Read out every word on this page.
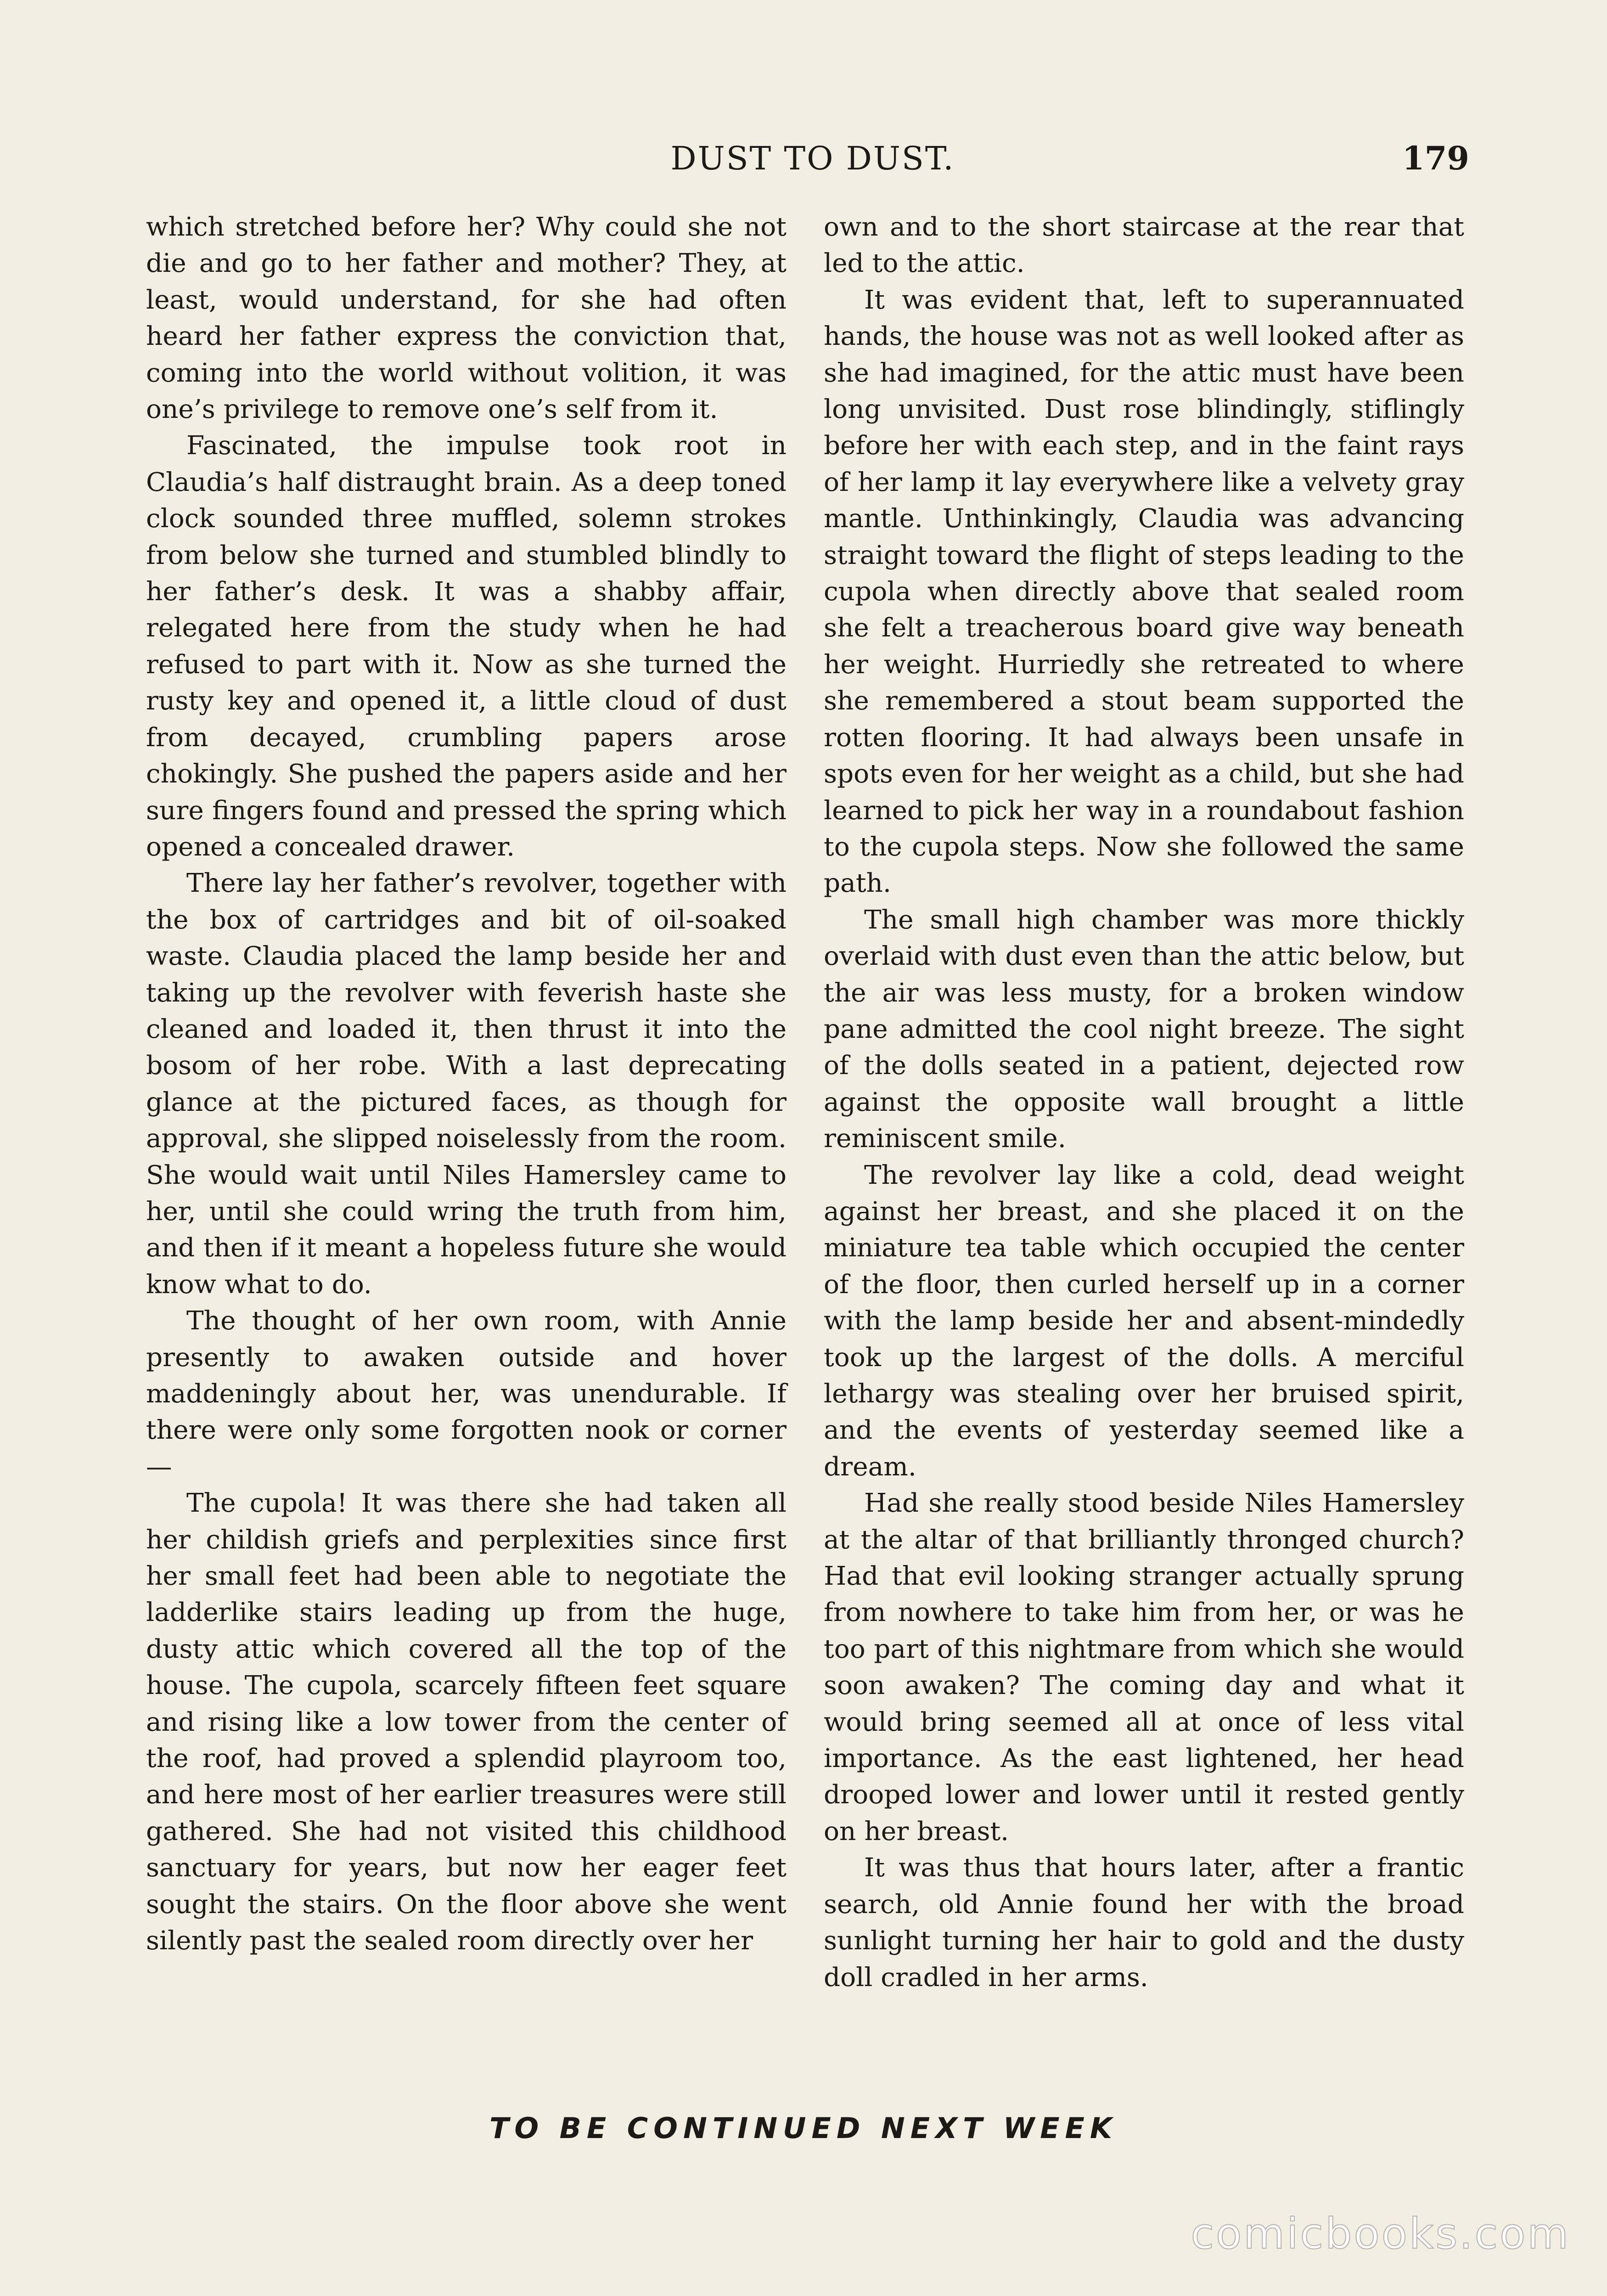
DUST TO DUST.	179

which stretched before her? Why could she not die and go to her father and mother? They, at least, would understand, for she had often heard her father express the conviction that, coming into the world without volition, it was one’s privilege to remove one’s self from it.

Fascinated, the impulse took root in Claudia’s half distraught brain. As a deep toned clock sounded three muffled, solemn strokes from below she turned and stumbled blindly to her father’s desk. It was a shabby affair, relegated here from the study when he had refused to part with it. Now as she turned the rusty key and opened it, a little cloud of dust from decayed, crumbling papers arose chokingly. She pushed the papers aside and her sure fingers found and pressed the spring which opened a concealed drawer.

There lay her father’s revolver, together with the box of cartridges and bit of oil-soaked waste. Claudia placed the lamp beside her and taking up the revolver with feverish haste she cleaned and loaded it, then thrust it into the bosom of her robe. With a last deprecating glance at the pictured faces, as though for approval, she slipped noiselessly from the room. She would wait until Niles Hamersley came to her, until she could wring the truth from him, and then if it meant a hopeless future she would know what to do.

The thought of her own room, with Annie presently to awaken outside and hover maddeningly about her, was unendurable. If there were only some forgotten nook or corner—

The cupola! It was there she had taken all her childish griefs and perplexities since first her small feet had been able to negotiate the ladderlike stairs leading up from the huge, dusty attic which covered all the top of the house. The cupola, scarcely fifteen feet square and rising like a low tower from the center of the roof, had proved a splendid playroom too, and here most of her earlier treasures were still gathered. She had not visited this childhood sanctuary for years, but now her eager feet sought the stairs. On the floor above she went silently past the sealed room directly over her

own and to the short staircase at the rear that led to the attic.

It was evident that, left to superannuated hands, the house was not as well looked after as she had imagined, for the attic must have been long unvisited. Dust rose blindingly, stiflingly before her with each step, and in the faint rays of her lamp it lay everywhere like a velvety gray mantle. Unthinkingly, Claudia was advancing straight toward the flight of steps leading to the cupola when directly above that sealed room she felt a treacherous board give way beneath her weight. Hurriedly she retreated to where she remembered a stout beam supported the rotten flooring. It had always been unsafe in spots even for her weight as a child, but she had learned to pick her way in a roundabout fashion to the cupola steps. Now she followed the same path.

The small high chamber was more thickly overlaid with dust even than the attic below, but the air was less musty, for a broken window pane admitted the cool night breeze. The sight of the dolls seated in a patient, dejected row against the opposite wall brought a little reminiscent smile.

The revolver lay like a cold, dead weight against her breast, and she placed it on the miniature tea table which occupied the center of the floor, then curled herself up in a corner with the lamp beside her and absent-mindedly took up the largest of the dolls. A merciful lethargy was stealing over her bruised spirit, and the events of yesterday seemed like a dream.

Had she really stood beside Niles Hamersley at the altar of that brilliantly thronged church? Had that evil looking stranger actually sprung from nowhere to take him from her, or was he too part of this nightmare from which she would soon awaken? The coming day and what it would bring seemed all at once of less vital importance. As the east lightened, her head drooped lower and lower until it rested gently on her breast.

It was thus that hours later, after a frantic search, old Annie found her with the broad sunlight turning her hair to gold and the dusty doll cradled in her arms.

TO BE CONTINUED NEXT WEEK
comicbooks.com
